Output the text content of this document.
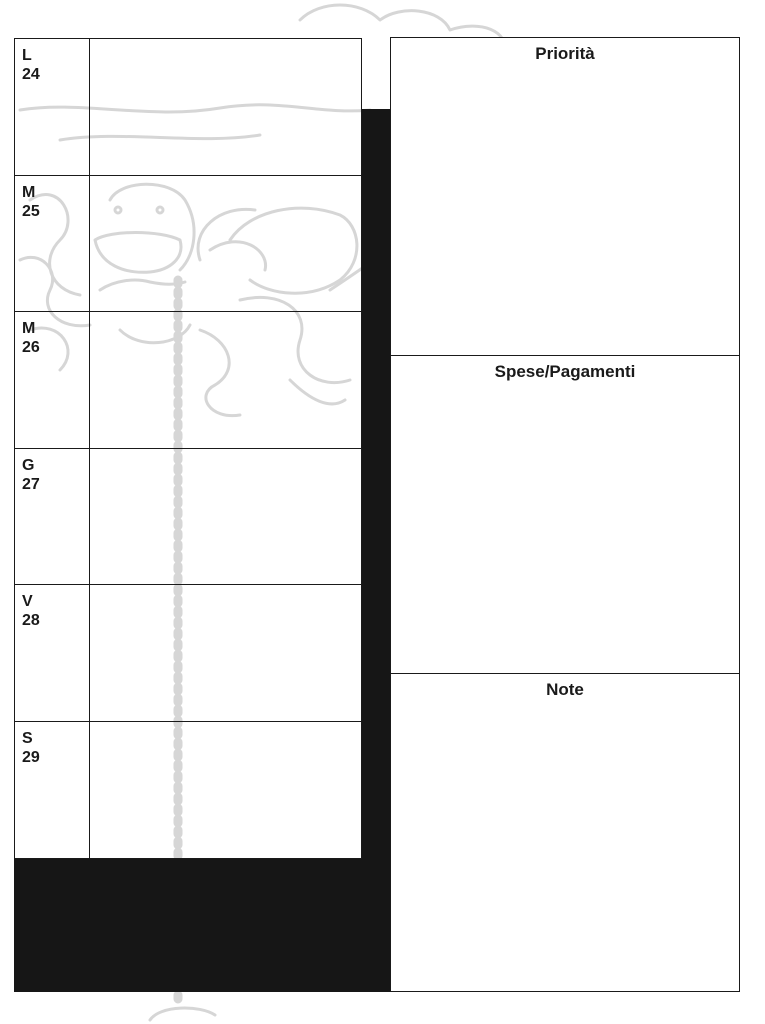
L
24
M
25
M
26
G
27
V
28
S
29
Priorità
Spese/Pagamenti
Note
